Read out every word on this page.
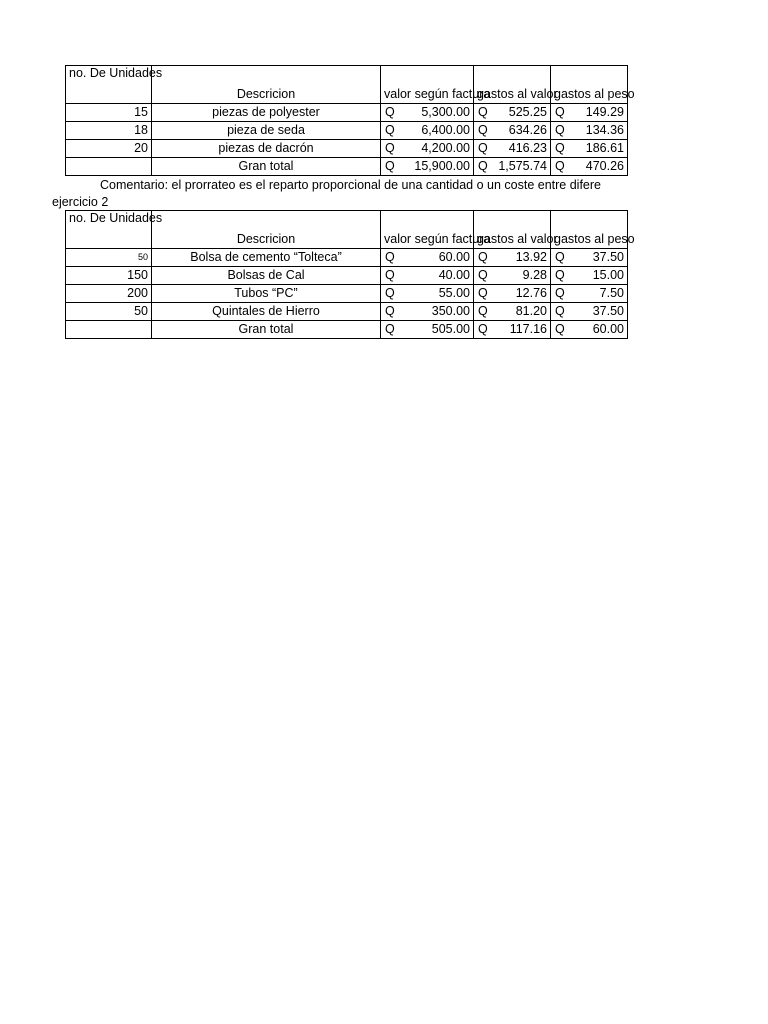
no. De Unidades	Descricion	valor según factura	gastos al valor	gastos al peso
15	piezas de polyester	Q 5,300.00	Q 525.25	Q 149.29

18	pieza de seda	Q 6,400.00	Q 634.26	Q 134.36

20	piezas de dacrón	Q 4,200.00	Q 416.23	Q 186.61

	Gran total	Q 15,900.00	Q 1,575.74	Q 470.26
Comentario: el prorrateo es el reparto proporcional de una cantidad o un coste entre difere
ejercicio 2
no. De Unidades	Descricion	valor según factura	gastos al valor	gastos al peso
50	Bolsa de cemento “Tolteca”	Q 60.00	Q 13.92	Q 37.50

150	Bolsas de Cal	Q 40.00	Q 9.28	Q 15.00

200	Tubos “PC”	Q 55.00	Q 12.76	Q 7.50

50	Quintales de Hierro	Q 350.00	Q 81.20	Q 37.50

	Gran total	Q 505.00	Q 117.16	Q 60.00
